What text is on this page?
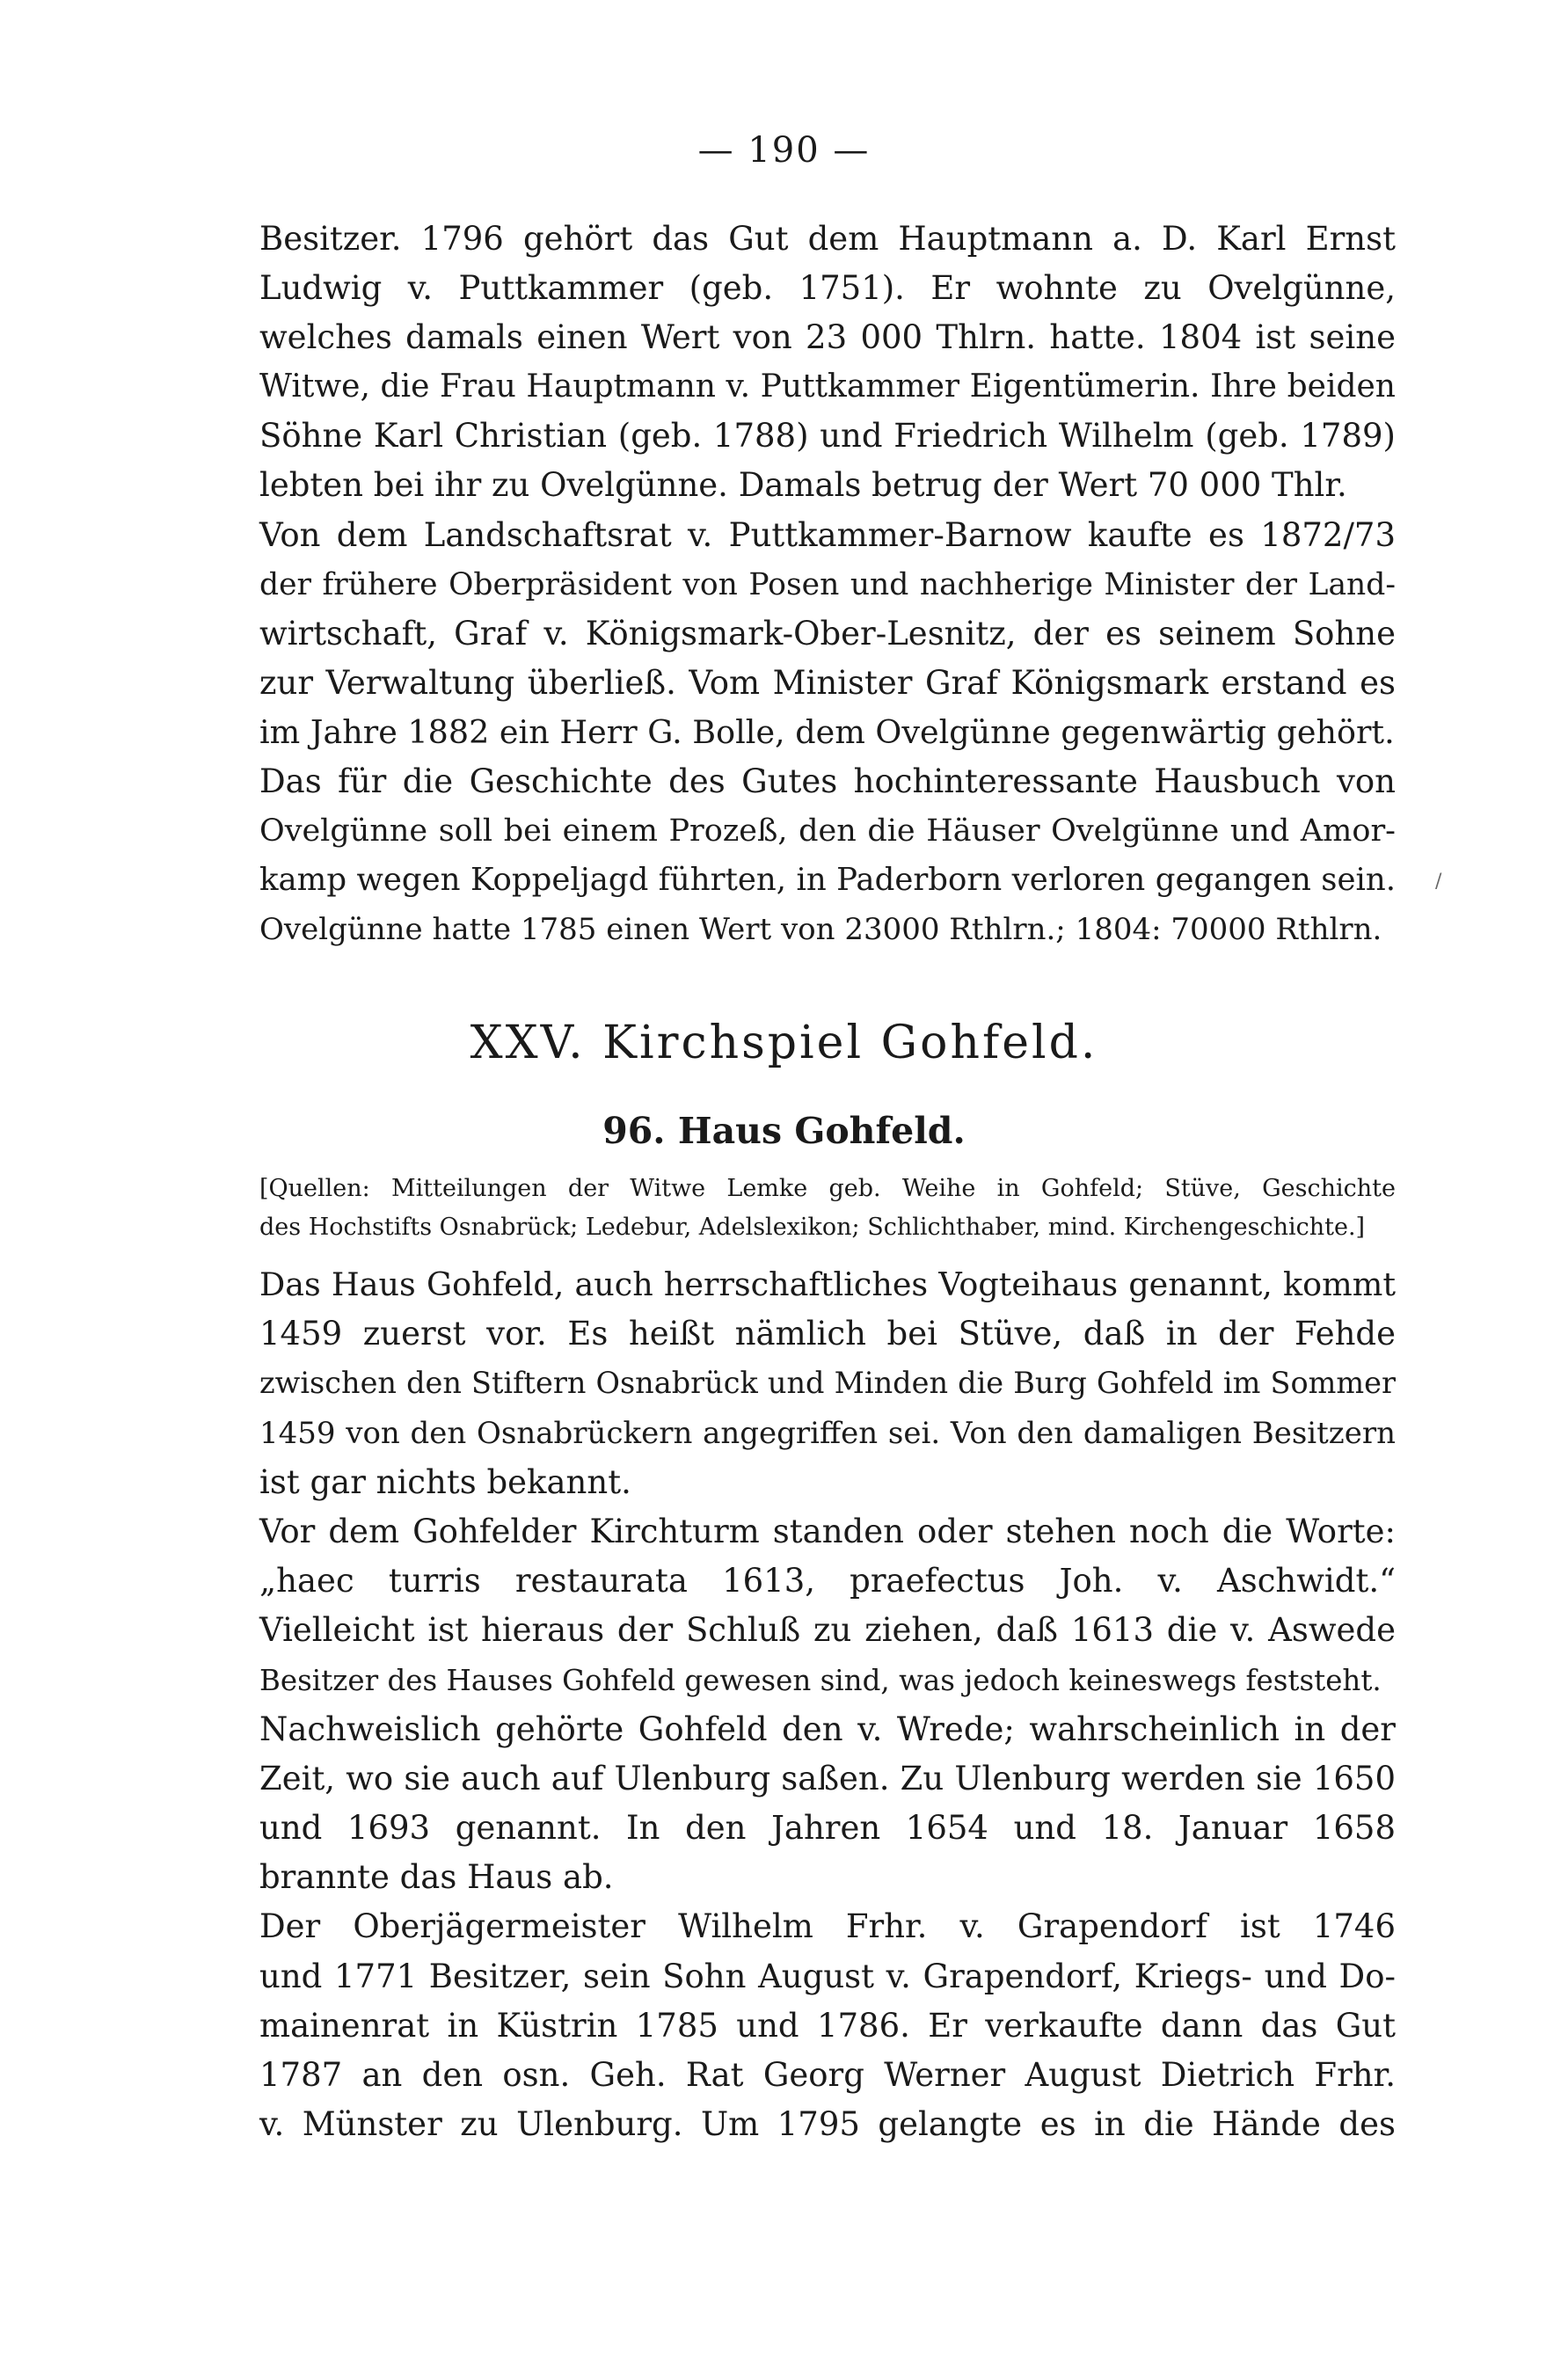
— 190 —
Besitzer. 1796 gehört das Gut dem Hauptmann a. D. Karl Ernst
Ludwig v. Puttkammer (geb. 1751). Er wohnte zu Ovelgünne,
welches damals einen Wert von 23 000 Thlrn. hatte. 1804 ist seine
Witwe, die Frau Hauptmann v. Puttkammer Eigentümerin. Ihre beiden
Söhne Karl Christian (geb. 1788) und Friedrich Wilhelm (geb. 1789)
lebten bei ihr zu Ovelgünne. Damals betrug der Wert 70 000 Thlr.
Von dem Landschaftsrat v. Puttkammer-Barnow kaufte es 1872/73
der frühere Oberpräsident von Posen und nachherige Minister der Land-
wirtschaft, Graf v. Königsmark-Ober-Lesnitz, der es seinem Sohne
zur Verwaltung überließ. Vom Minister Graf Königsmark erstand es
im Jahre 1882 ein Herr G. Bolle, dem Ovelgünne gegenwärtig gehört.
Das für die Geschichte des Gutes hochinteressante Hausbuch von
Ovelgünne soll bei einem Prozeß, den die Häuser Ovelgünne und Amor-
kamp wegen Koppeljagd führten, in Paderborn verloren gegangen sein.
Ovelgünne hatte 1785 einen Wert von 23000 Rthlrn.; 1804: 70000 Rthlrn.
/
XXV. Kirchspiel Gohfeld.
96. Haus Gohfeld.
[Quellen: Mitteilungen der Witwe Lemke geb. Weihe in Gohfeld; Stüve, Geschichte
des Hochstifts Osnabrück; Ledebur, Adelslexikon; Schlichthaber, mind. Kirchengeschichte.]
Das Haus Gohfeld, auch herrschaftliches Vogteihaus genannt, kommt
1459 zuerst vor. Es heißt nämlich bei Stüve, daß in der Fehde
zwischen den Stiftern Osnabrück und Minden die Burg Gohfeld im Sommer
1459 von den Osnabrückern angegriffen sei. Von den damaligen Besitzern
ist gar nichts bekannt.
Vor dem Gohfelder Kirchturm standen oder stehen noch die Worte:
„haec turris restaurata 1613, praefectus Joh. v. Aschwidt.“
Vielleicht ist hieraus der Schluß zu ziehen, daß 1613 die v. Aswede
Besitzer des Hauses Gohfeld gewesen sind, was jedoch keineswegs feststeht.
Nachweislich gehörte Gohfeld den v. Wrede; wahrscheinlich in der
Zeit, wo sie auch auf Ulenburg saßen. Zu Ulenburg werden sie 1650
und 1693 genannt. In den Jahren 1654 und 18. Januar 1658
brannte das Haus ab.
Der Oberjägermeister Wilhelm Frhr. v. Grapendorf ist 1746
und 1771 Besitzer, sein Sohn August v. Grapendorf, Kriegs- und Do-
mainenrat in Küstrin 1785 und 1786. Er verkaufte dann das Gut
1787 an den osn. Geh. Rat Georg Werner August Dietrich Frhr.
v. Münster zu Ulenburg. Um 1795 gelangte es in die Hände des
